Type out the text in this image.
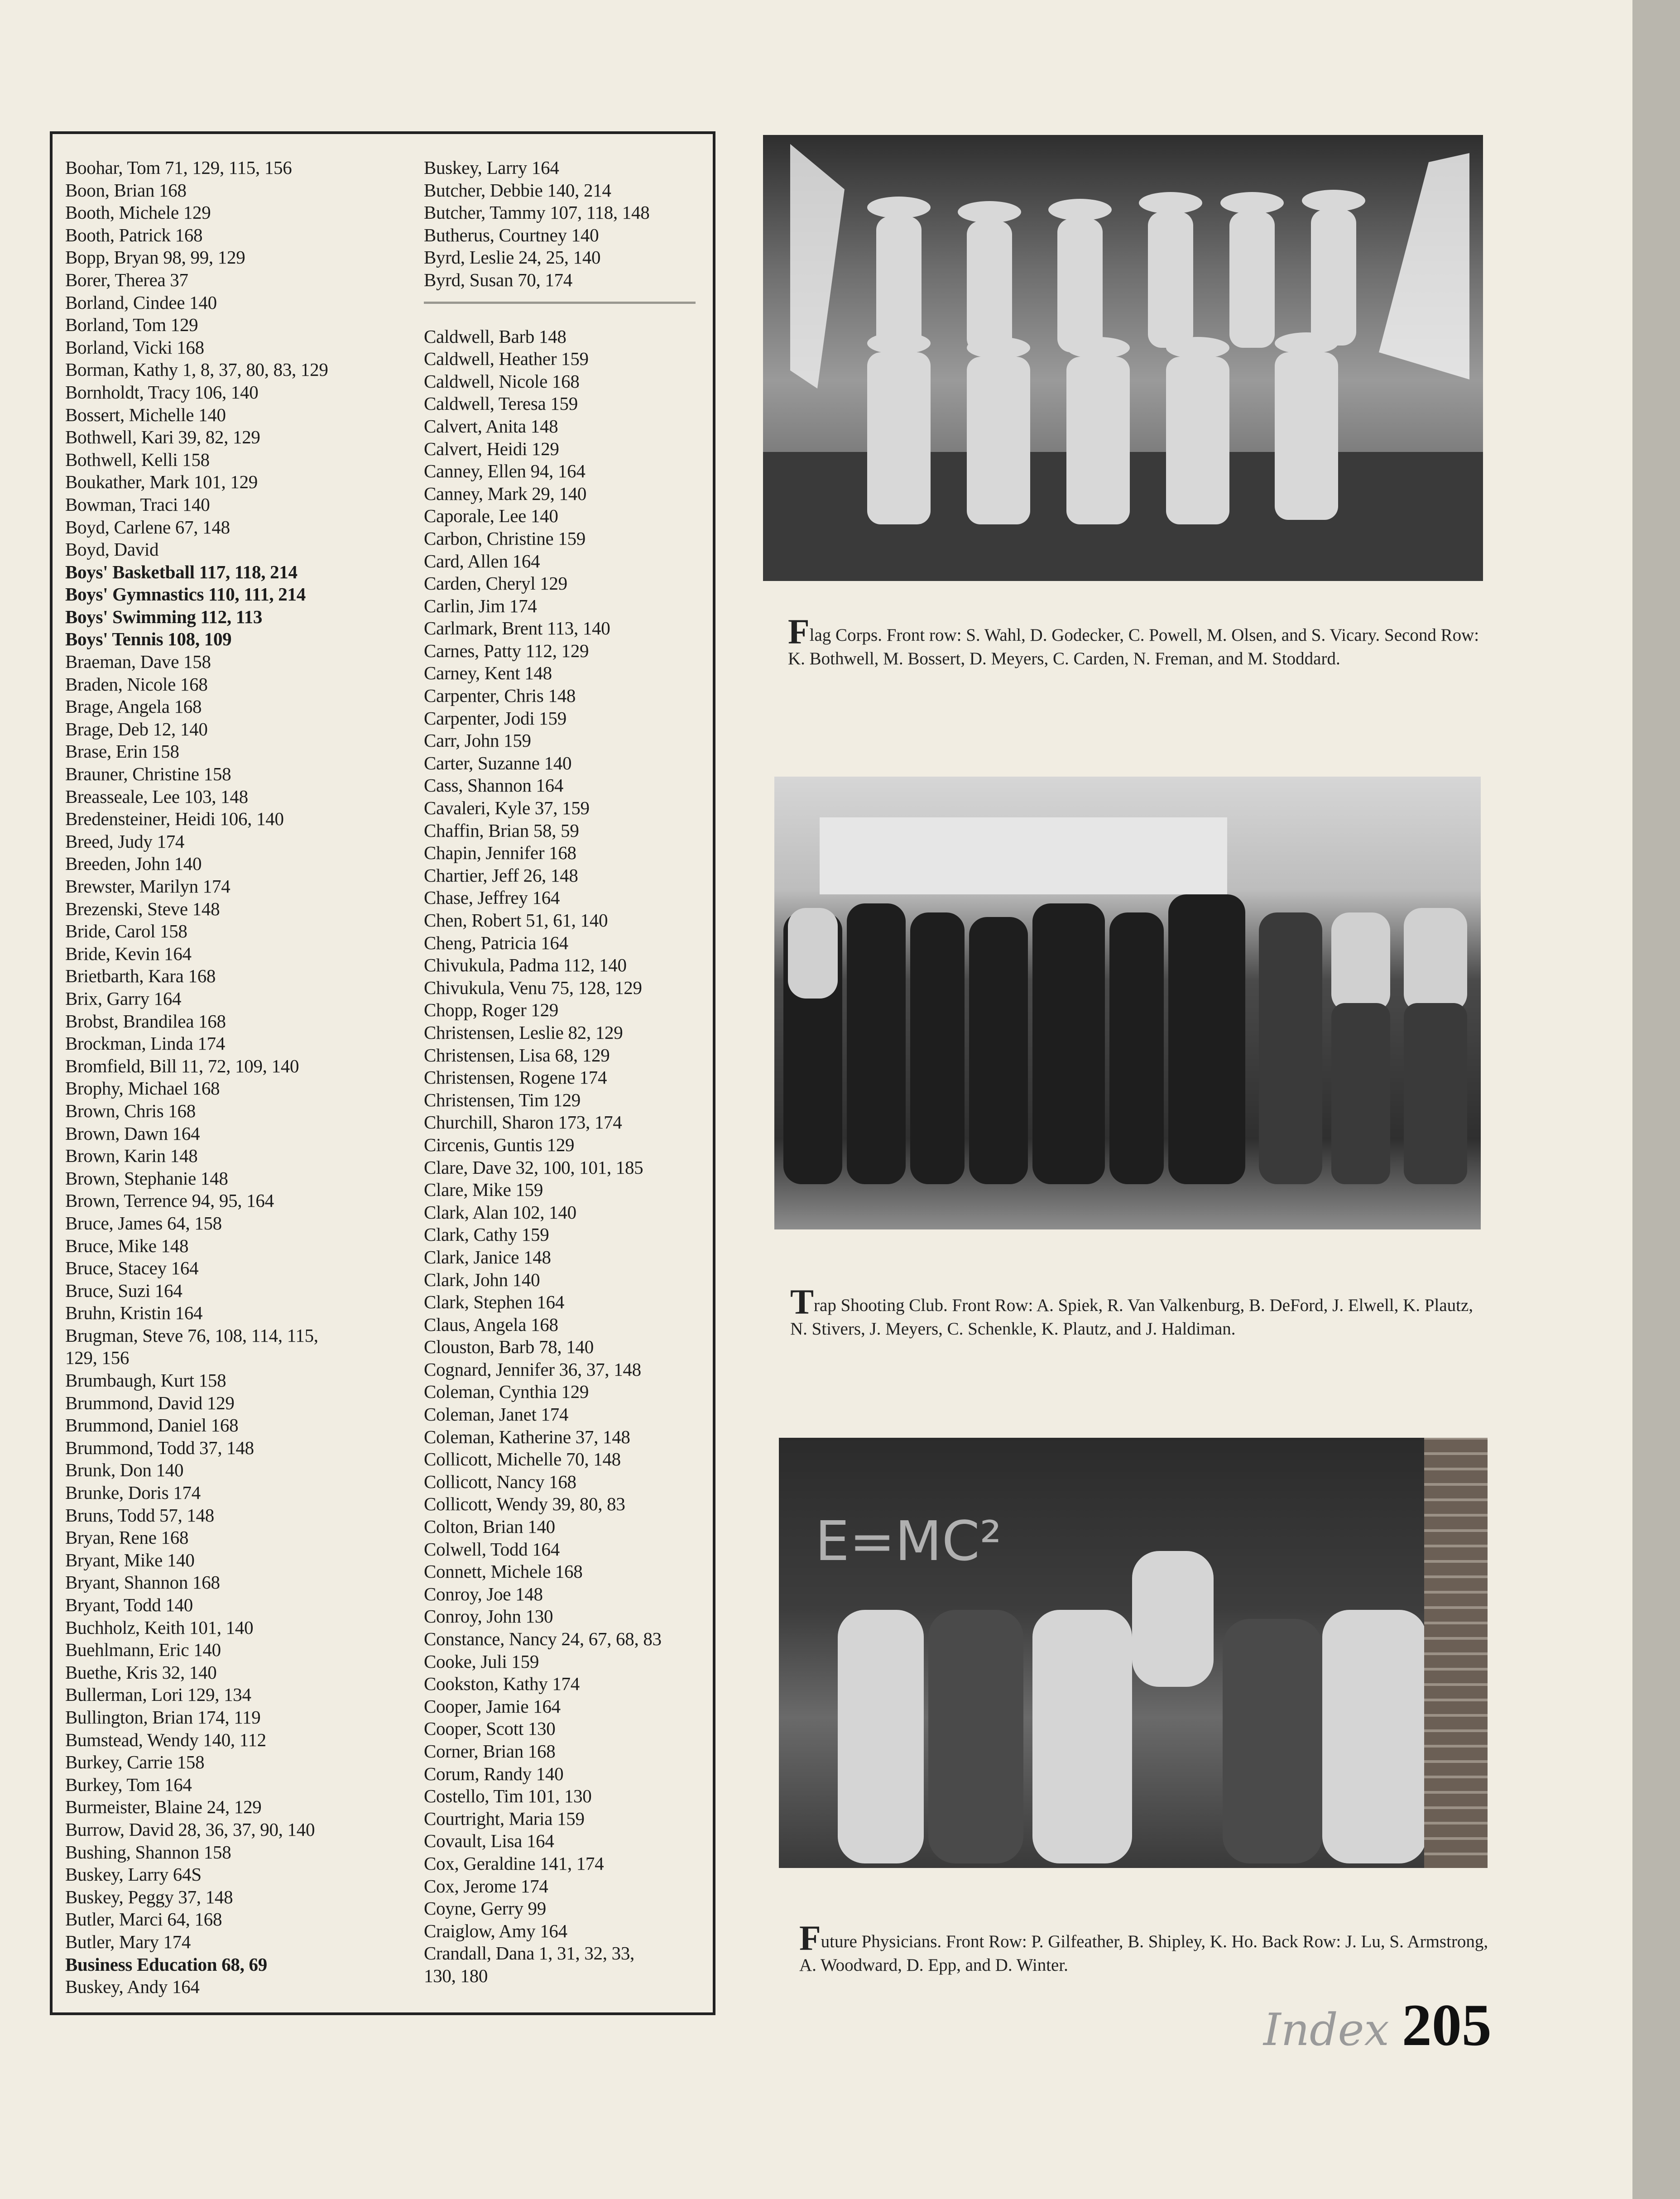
Boohar, Tom 71, 129, 115, 156
Boon, Brian 168
Booth, Michele 129
Booth, Patrick 168
Bopp, Bryan 98, 99, 129
Borer, Therea 37
Borland, Cindee 140
Borland, Tom 129
Borland, Vicki 168
Borman, Kathy 1, 8, 37, 80, 83, 129
Bornholdt, Tracy 106, 140
Bossert, Michelle 140
Bothwell, Kari 39, 82, 129
Bothwell, Kelli 158
Boukather, Mark 101, 129
Bowman, Traci 140
Boyd, Carlene 67, 148
Boyd, David
Boys' Basketball 117, 118, 214
Boys' Gymnastics 110, 111, 214
Boys' Swimming 112, 113
Boys' Tennis 108, 109
Braeman, Dave 158
Braden, Nicole 168
Brage, Angela 168
Brage, Deb 12, 140
Brase, Erin 158
Brauner, Christine 158
Breasseale, Lee 103, 148
Bredensteiner, Heidi 106, 140
Breed, Judy 174
Breeden, John 140
Brewster, Marilyn 174
Brezenski, Steve 148
Bride, Carol 158
Bride, Kevin 164
Brietbarth, Kara 168
Brix, Garry 164
Brobst, Brandilea 168
Brockman, Linda 174
Bromfield, Bill 11, 72, 109, 140
Brophy, Michael 168
Brown, Chris 168
Brown, Dawn 164
Brown, Karin 148
Brown, Stephanie 148
Brown, Terrence 94, 95, 164
Bruce, James 64, 158
Bruce, Mike 148
Bruce, Stacey 164
Bruce, Suzi 164
Bruhn, Kristin 164
Brugman, Steve 76, 108, 114, 115,
129, 156
Brumbaugh, Kurt 158
Brummond, David 129
Brummond, Daniel 168
Brummond, Todd 37, 148
Brunk, Don 140
Brunke, Doris 174
Bruns, Todd 57, 148
Bryan, Rene 168
Bryant, Mike 140
Bryant, Shannon 168
Bryant, Todd 140
Buchholz, Keith 101, 140
Buehlmann, Eric 140
Buethe, Kris 32, 140
Bullerman, Lori 129, 134
Bullington, Brian 174, 119
Bumstead, Wendy 140, 112
Burkey, Carrie 158
Burkey, Tom 164
Burmeister, Blaine 24, 129
Burrow, David 28, 36, 37, 90, 140
Bushing, Shannon 158
Buskey, Larry 64S
Buskey, Peggy 37, 148
Butler, Marci 64, 168
Butler, Mary 174
Business Education 68, 69
Buskey, Andy 164
Buskey, Larry 164
Butcher, Debbie 140, 214
Butcher, Tammy 107, 118, 148
Butherus, Courtney 140
Byrd, Leslie 24, 25, 140
Byrd, Susan 70, 174
Caldwell, Barb 148
Caldwell, Heather 159
Caldwell, Nicole 168
Caldwell, Teresa 159
Calvert, Anita 148
Calvert, Heidi 129
Canney, Ellen 94, 164
Canney, Mark 29, 140
Caporale, Lee 140
Carbon, Christine 159
Card, Allen 164
Carden, Cheryl 129
Carlin, Jim 174
Carlmark, Brent 113, 140
Carnes, Patty 112, 129
Carney, Kent 148
Carpenter, Chris 148
Carpenter, Jodi 159
Carr, John 159
Carter, Suzanne 140
Cass, Shannon 164
Cavaleri, Kyle 37, 159
Chaffin, Brian 58, 59
Chapin, Jennifer 168
Chartier, Jeff 26, 148
Chase, Jeffrey 164
Chen, Robert 51, 61, 140
Cheng, Patricia 164
Chivukula, Padma 112, 140
Chivukula, Venu 75, 128, 129
Chopp, Roger 129
Christensen, Leslie 82, 129
Christensen, Lisa 68, 129
Christensen, Rogene 174
Christensen, Tim 129
Churchill, Sharon 173, 174
Circenis, Guntis 129
Clare, Dave 32, 100, 101, 185
Clare, Mike 159
Clark, Alan 102, 140
Clark, Cathy 159
Clark, Janice 148
Clark, John 140
Clark, Stephen 164
Claus, Angela 168
Clouston, Barb 78, 140
Cognard, Jennifer 36, 37, 148
Coleman, Cynthia 129
Coleman, Janet 174
Coleman, Katherine 37, 148
Collicott, Michelle 70, 148
Collicott, Nancy 168
Collicott, Wendy 39, 80, 83
Colton, Brian 140
Colwell, Todd 164
Connett, Michele 168
Conroy, Joe 148
Conroy, John 130
Constance, Nancy 24, 67, 68, 83
Cooke, Juli 159
Cookston, Kathy 174
Cooper, Jamie 164
Cooper, Scott 130
Corner, Brian 168
Corum, Randy 140
Costello, Tim 101, 130
Courtright, Maria 159
Covault, Lisa 164
Cox, Geraldine 141, 174
Cox, Jerome 174
Coyne, Gerry 99
Craiglow, Amy 164
Crandall, Dana 1, 31, 32, 33,
130, 180
Flag Corps. Front row: S. Wahl, D. Godecker, C. Powell, M. Olsen, and S. Vicary. Second Row: K. Bothwell, M. Bossert, D. Meyers, C. Carden, N. Freman, and M. Stoddard.
Trap Shooting Club. Front Row: A. Spiek, R. Van Valkenburg, B. DeFord, J. Elwell, K. Plautz, N. Stivers, J. Meyers, C. Schenkle, K. Plautz, and J. Haldiman.
E=MC²
Future Physicians. Front Row: P. Gilfeather, B. Shipley, K. Ho. Back Row: J. Lu, S. Armstrong, A. Woodward, D. Epp, and D. Winter.
Index 205
